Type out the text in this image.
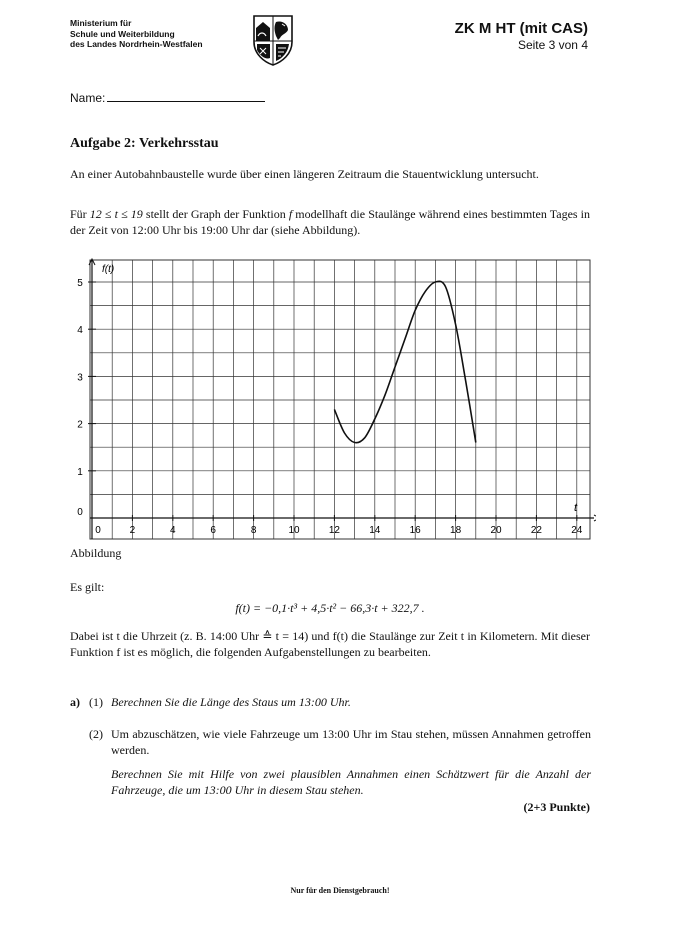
Ministerium für
Schule und Weiterbildung
des Landes Nordrhein-Westfalen
ZK M HT (mit CAS)
Seite 3 von 4
Name:
Aufgabe 2: Verkehrsstau
An einer Autobahnbaustelle wurde über einen längeren Zeitraum die Stauentwicklung untersucht.
Für 12 ≤ t ≤ 19 stellt der Graph der Funktion f modellhaft die Staulänge während eines bestimmten Tages in der Zeit von 12:00 Uhr bis 19:00 Uhr dar (siehe Abbildung).
0	2	4	6	8	10	12	14	16	18	20	22	24
0
1
2
3
4
5
f(t)
t
Abbildung
Es gilt:
f(t) = −0,1·t³ + 4,5·t² − 66,3·t + 322,7 .
Dabei ist t die Uhrzeit (z. B. 14:00 Uhr ≙ t = 14) und f(t) die Staulänge zur Zeit t in Kilometern. Mit dieser Funktion f ist es möglich, die folgenden Aufgabenstellungen zu bearbeiten.
a) (1) Berechnen Sie die Länge des Staus um 13:00 Uhr.
(2) Um abzuschätzen, wie viele Fahrzeuge um 13:00 Uhr im Stau stehen, müssen Annahmen getroffen werden.
Berechnen Sie mit Hilfe von zwei plausiblen Annahmen einen Schätzwert für die Anzahl der Fahrzeuge, die um 13:00 Uhr in diesem Stau stehen.
(2+3 Punkte)
Nur für den Dienstgebrauch!
